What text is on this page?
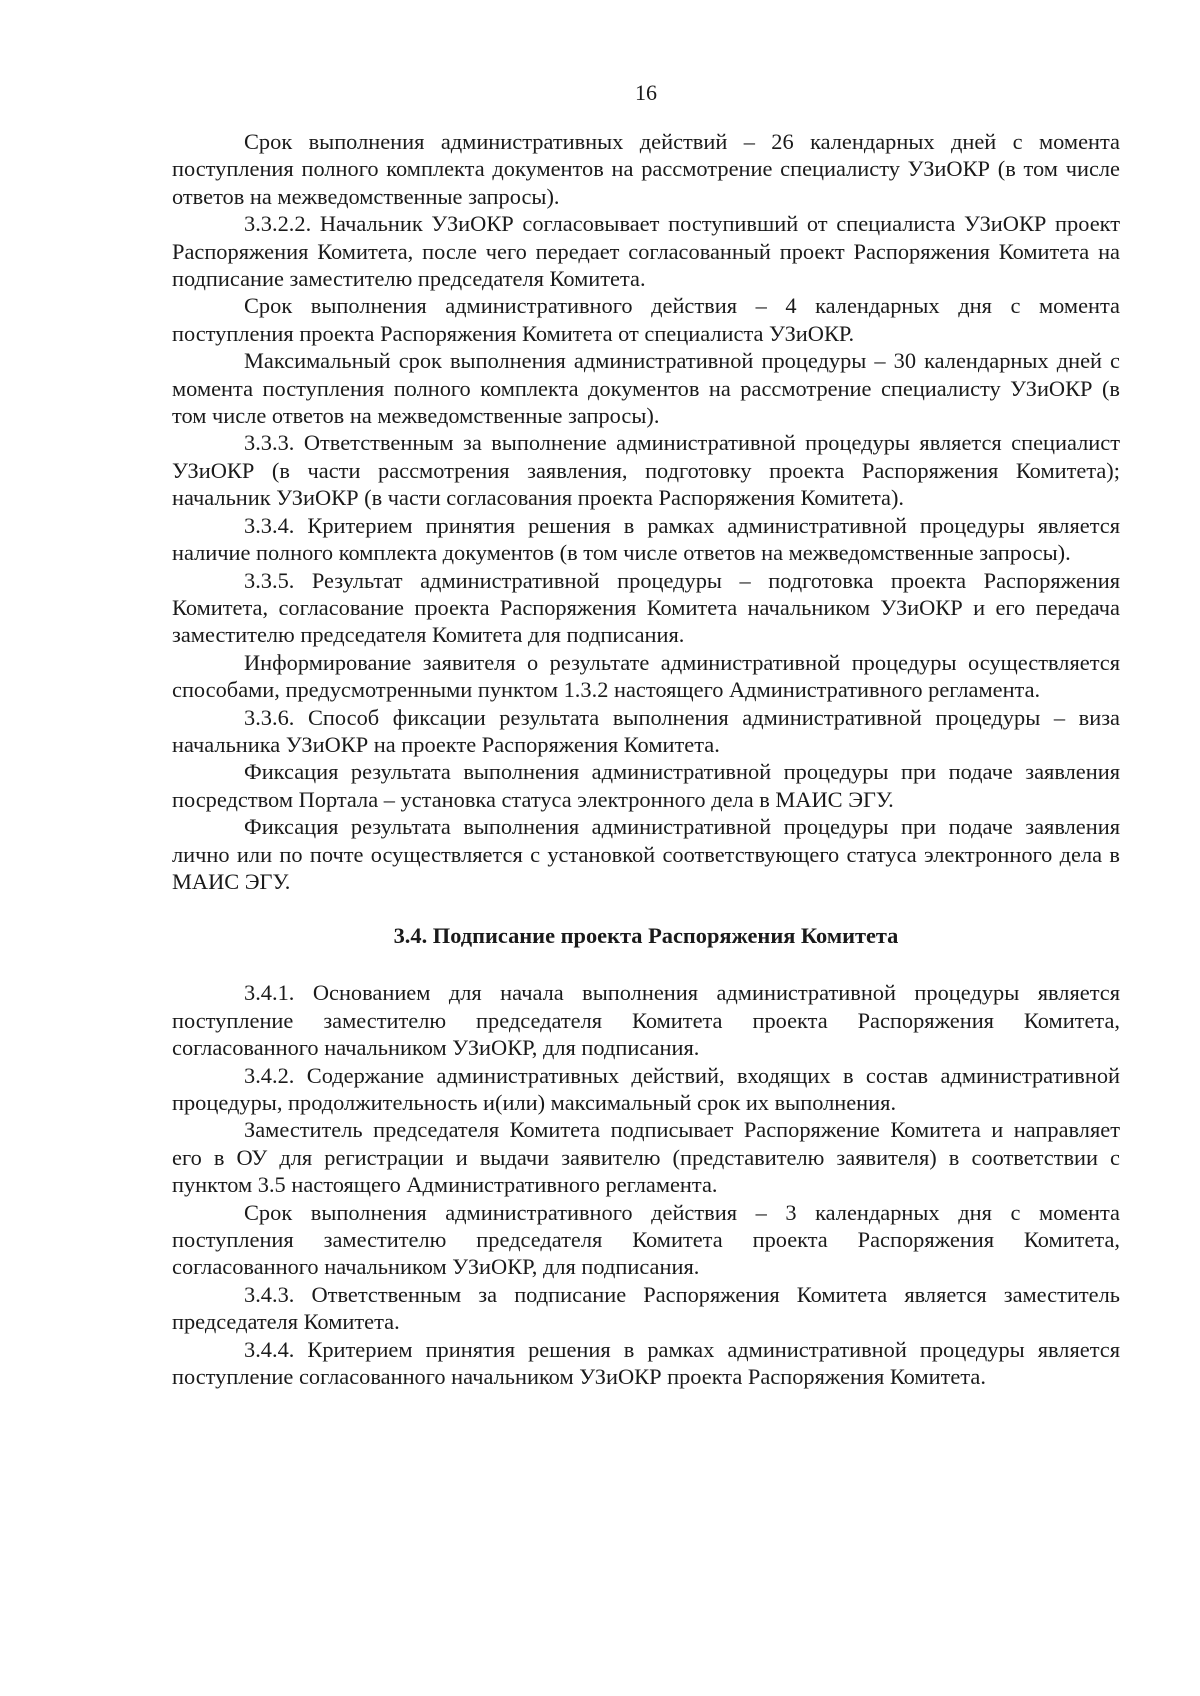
16

Срок выполнения административных действий – 26 календарных дней с момента поступления полного комплекта документов на рассмотрение специалисту УЗиОКР (в том числе ответов на межведомственные запросы).

3.3.2.2. Начальник УЗиОКР согласовывает поступивший от специалиста УЗиОКР проект Распоряжения Комитета, после чего передает согласованный проект Распоряжения Комитета на подписание заместителю председателя Комитета.

Срок выполнения административного действия – 4 календарных дня с момента поступления проекта Распоряжения Комитета от специалиста УЗиОКР.

Максимальный срок выполнения административной процедуры – 30 календарных дней с момента поступления полного комплекта документов на рассмотрение специалисту УЗиОКР (в том числе ответов на межведомственные запросы).

3.3.3. Ответственным за выполнение административной процедуры является специалист УЗиОКР (в части рассмотрения заявления, подготовку проекта Распоряжения Комитета); начальник УЗиОКР (в части согласования проекта Распоряжения Комитета).

3.3.4. Критерием принятия решения в рамках административной процедуры является наличие полного комплекта документов (в том числе ответов на межведомственные запросы).

3.3.5. Результат административной процедуры – подготовка проекта Распоряжения Комитета, согласование проекта Распоряжения Комитета начальником УЗиОКР и его передача заместителю председателя Комитета для подписания.

Информирование заявителя о результате административной процедуры осуществляется способами, предусмотренными пунктом 1.3.2 настоящего Административного регламента.

3.3.6. Способ фиксации результата выполнения административной процедуры – виза начальника УЗиОКР на проекте Распоряжения Комитета.

Фиксация результата выполнения административной процедуры при подаче заявления посредством Портала – установка статуса электронного дела в МАИС ЭГУ.

Фиксация результата выполнения административной процедуры при подаче заявления лично или по почте осуществляется с установкой соответствующего статуса электронного дела в МАИС ЭГУ.

3.4. Подписание проекта Распоряжения Комитета

3.4.1. Основанием для начала выполнения административной процедуры является поступление заместителю председателя Комитета проекта Распоряжения Комитета, согласованного начальником УЗиОКР, для подписания.

3.4.2. Содержание административных действий, входящих в состав административной процедуры, продолжительность и(или) максимальный срок их выполнения.

Заместитель председателя Комитета подписывает Распоряжение Комитета и направляет его в ОУ для регистрации и выдачи заявителю (представителю заявителя) в соответствии с пунктом 3.5 настоящего Административного регламента.

Срок выполнения административного действия – 3 календарных дня с момента поступления заместителю председателя Комитета проекта Распоряжения Комитета, согласованного начальником УЗиОКР, для подписания.

3.4.3. Ответственным за подписание Распоряжения Комитета является заместитель председателя Комитета.

3.4.4. Критерием принятия решения в рамках административной процедуры является поступление согласованного начальником УЗиОКР проекта Распоряжения Комитета.
